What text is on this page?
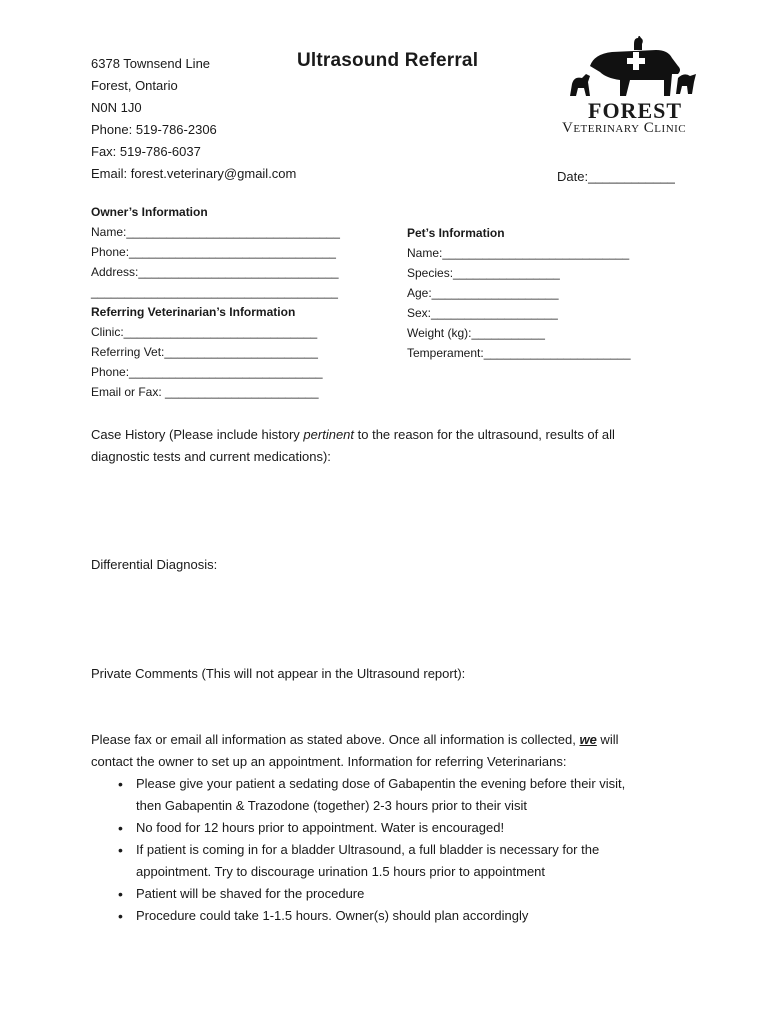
6378 Townsend Line
Forest, Ontario
N0N 1J0
Phone: 519-786-2306
Fax: 519-786-6037
Email: forest.veterinary@gmail.com
Ultrasound Referral
FOREST
Veterinary Clinic
Date:____________
Owner’s Information
Name:________________________________
Phone:_______________________________
Address:______________________________
_____________________________________
Referring Veterinarian’s Information
Clinic:_____________________________
Referring Vet:_______________________
Phone:_____________________________
Email or Fax: _______________________
Pet’s Information
Name:____________________________
Species:________________
Age:___________________
Sex:___________________
Weight (kg):___________
Temperament:______________________
Case History (Please include history pertinent to the reason for the ultrasound, results of all
diagnostic tests and current medications):
Differential Diagnosis:
Private Comments (This will not appear in the Ultrasound report):
Please fax or email all information as stated above. Once all information is collected, we will
contact the owner to set up an appointment. Information for referring Veterinarians:
• Please give your patient a sedating dose of Gabapentin the evening before their visit,
then Gabapentin & Trazodone (together) 2-3 hours prior to their visit
• No food for 12 hours prior to appointment. Water is encouraged!
• If patient is coming in for a bladder Ultrasound, a full bladder is necessary for the
appointment. Try to discourage urination 1.5 hours prior to appointment
• Patient will be shaved for the procedure
• Procedure could take 1-1.5 hours. Owner(s) should plan accordingly
